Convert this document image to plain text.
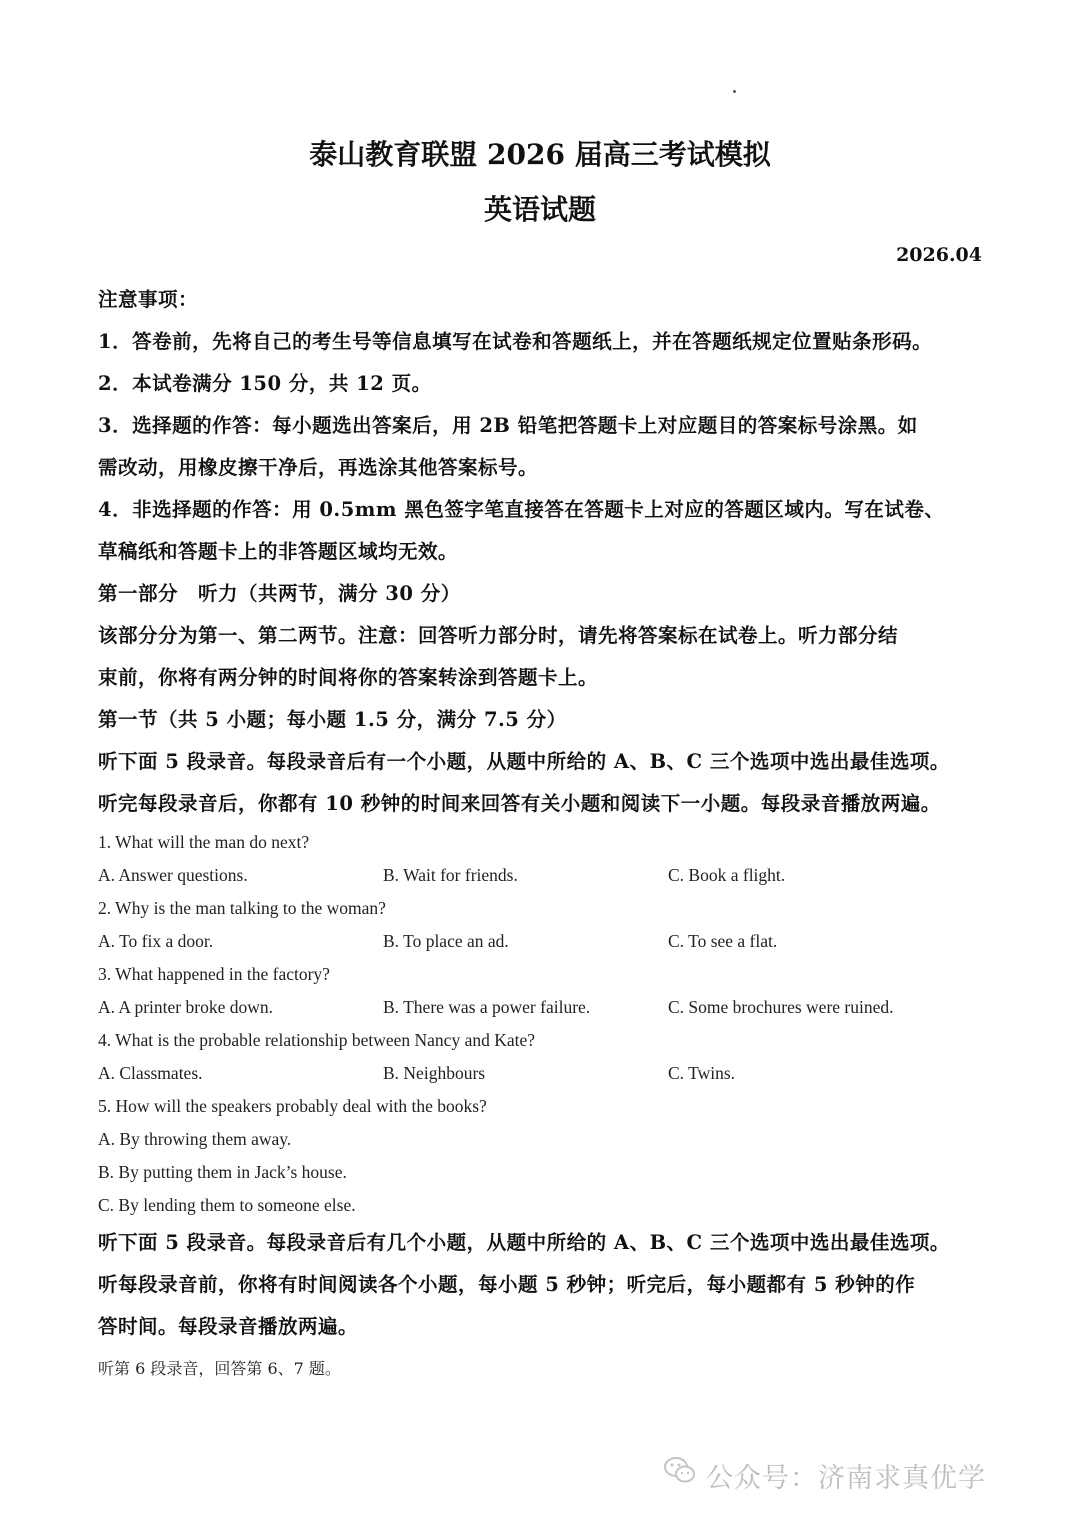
泰山教育联盟 2026 届高三考试模拟
英语试题
2026.04
注意事项：
1．答卷前，先将自己的考生号等信息填写在试卷和答题纸上，并在答题纸规定位置贴条形码。
2．本试卷满分 150 分，共 12 页。
3．选择题的作答：每小题选出答案后，用 2B 铅笔把答题卡上对应题目的答案标号涂黑。如
需改动，用橡皮擦干净后，再选涂其他答案标号。
4．非选择题的作答：用 0.5mm 黑色签字笔直接答在答题卡上对应的答题区域内。写在试卷、
草稿纸和答题卡上的非答题区域均无效。
第一部分　听力（共两节，满分 30 分）
该部分分为第一、第二两节。注意：回答听力部分时，请先将答案标在试卷上。听力部分结
束前，你将有两分钟的时间将你的答案转涂到答题卡上。
第一节（共 5 小题；每小题 1.5 分，满分 7.5 分）
听下面 5 段录音。每段录音后有一个小题，从题中所给的 A、B、C 三个选项中选出最佳选项。
听完每段录音后，你都有 10 秒钟的时间来回答有关小题和阅读下一小题。每段录音播放两遍。
1. What will the man do next?
A. Answer questions.	B. Wait for friends.	C. Book a flight.
2. Why is the man talking to the woman?
A. To fix a door.	B. To place an ad.	C. To see a flat.
3. What happened in the factory?
A. A printer broke down.	B. There was a power failure.	C. Some brochures were ruined.
4. What is the probable relationship between Nancy and Kate?
A. Classmates.	B. Neighbours	C. Twins.
5. How will the speakers probably deal with the books?
A. By throwing them away.
B. By putting them in Jack’s house.
C. By lending them to someone else.
听下面 5 段录音。每段录音后有几个小题，从题中所给的 A、B、C 三个选项中选出最佳选项。
听每段录音前，你将有时间阅读各个小题，每小题 5 秒钟；听完后，每小题都有 5 秒钟的作
答时间。每段录音播放两遍。
听第 6 段录音，回答第 6、7 题。
公众号：济南求真优学
